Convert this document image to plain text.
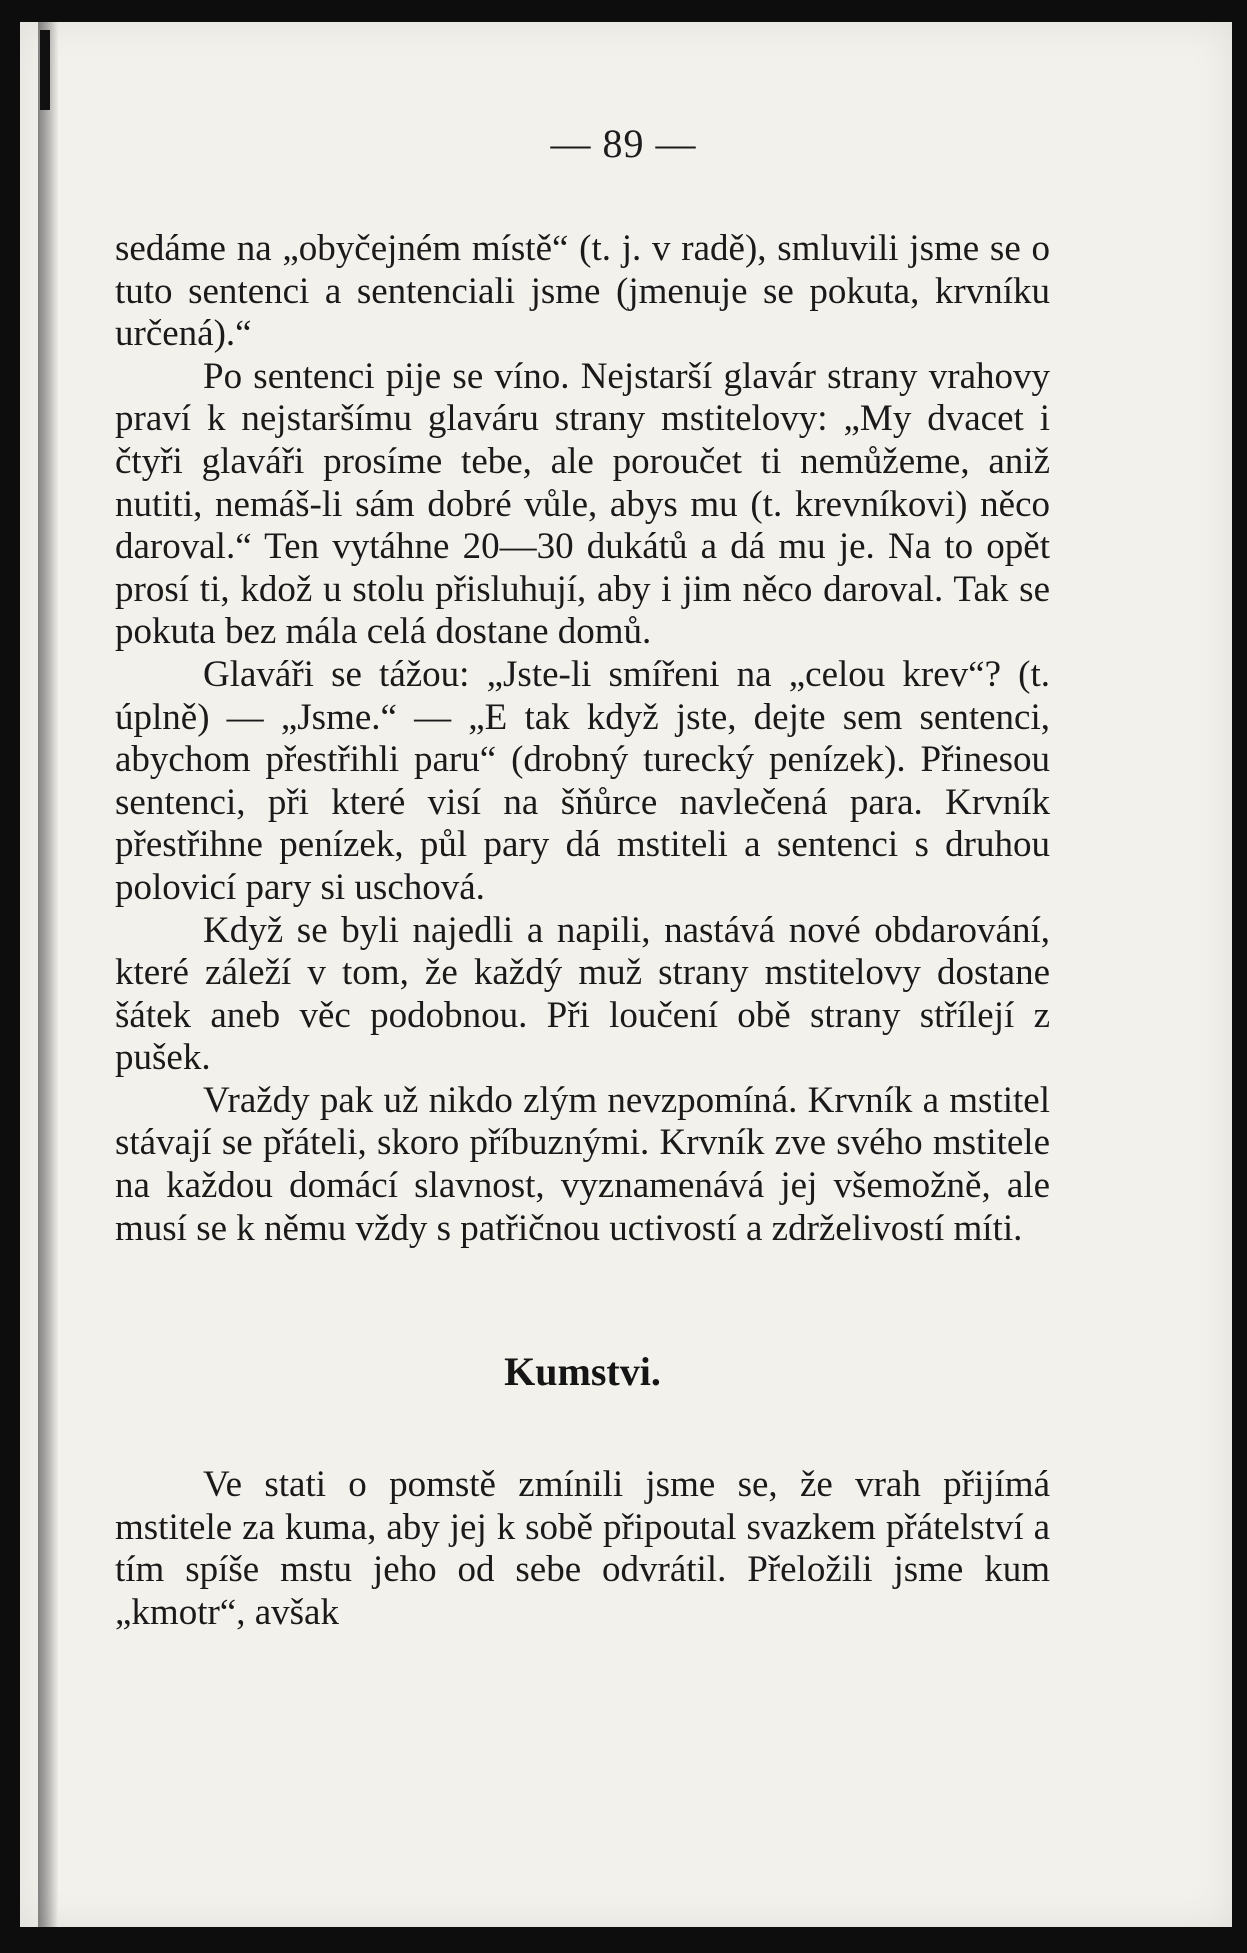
— 89 —

sedáme na „obyčejném místě“ (t. j. v radě), smluvili jsme se o tuto sentenci a sentenciali jsme (jmenuje se pokuta, krvníku určená).“

Po sentenci pije se víno. Nejstarší glavár strany vrahovy praví k nejstaršímu glaváru strany mstitelovy: „My dvacet i čtyři glaváři prosíme tebe, ale poroučet ti nemůžeme, aniž nutiti, nemáš-li sám dobré vůle, abys mu (t. krevníkovi) něco daroval.“ Ten vytáhne 20—30 dukátů a dá mu je. Na to opět prosí ti, kdož u stolu přisluhují, aby i jim něco daroval. Tak se pokuta bez mála celá dostane domů.

Glaváři se tážou: „Jste-li smířeni na „celou krev“? (t. úplně) — „Jsme.“ — „E tak když jste, dejte sem sentenci, abychom přestřihli paru“ (drobný turecký penízek). Přinesou sentenci, při které visí na šňůrce navlečená para. Krvník přestřihne penízek, půl pary dá mstiteli a sentenci s druhou polovicí pary si uschová.

Když se byli najedli a napili, nastává nové obdarování, které záleží v tom, že každý muž strany mstitelovy dostane šátek aneb věc podobnou. Při loučení obě strany střílejí z pušek.

Vraždy pak už nikdo zlým nevzpomíná. Krvník a mstitel stávají se přáteli, skoro příbuznými. Krvník zve svého mstitele na každou domácí slavnost, vyznamenává jej všemožně, ale musí se k němu vždy s patřičnou uctivostí a zdrželivostí míti.

Kumstvi.

Ve stati o pomstě zmínili jsme se, že vrah přijímá mstitele za kuma, aby jej k sobě připoutal svazkem přátelství a tím spíše mstu jeho od sebe odvrátil. Přeložili jsme kum „kmotr“, avšak
